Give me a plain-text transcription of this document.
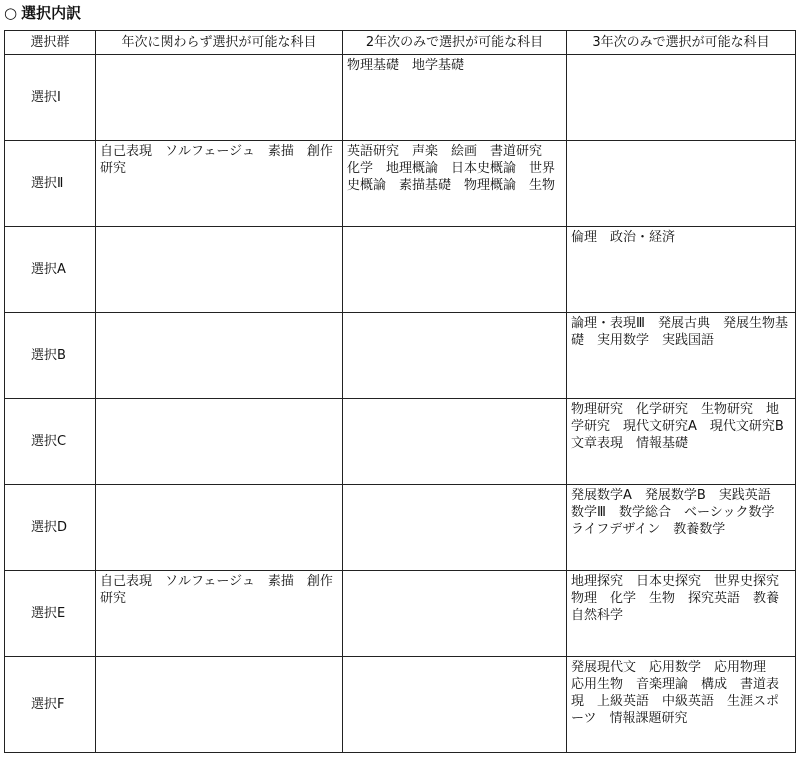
○ 選択内訳
選択群	年次に関わらず選択が可能な科目	2年次のみで選択が可能な科目	3年次のみで選択が可能な科目
選択Ⅰ		物理基礎　地学基礎	
選択Ⅱ	自己表現　ソルフェージュ　素描　創作研究	英語研究　声楽　絵画　書道研究　化学　地理概論　日本史概論　世界史概論　素描基礎　物理概論　生物	
選択A			倫理　政治・経済
選択B			論理・表現Ⅲ　発展古典　発展生物基礎　実用数学　実践国語
選択C			物理研究　化学研究　生物研究　地学研究　現代文研究A　現代文研究B　文章表現　情報基礎
選択D			発展数学A　発展数学B　実践英語　数学Ⅲ　数学総合　ベーシック数学　ライフデザイン　教養数学
選択E	自己表現　ソルフェージュ　素描　創作研究		地理探究　日本史探究　世界史探究　物理　化学　生物　探究英語　教養自然科学
選択F			発展現代文　応用数学　応用物理　応用生物　音楽理論　構成　書道表現　上級英語　中級英語　生涯スポーツ　情報課題研究
